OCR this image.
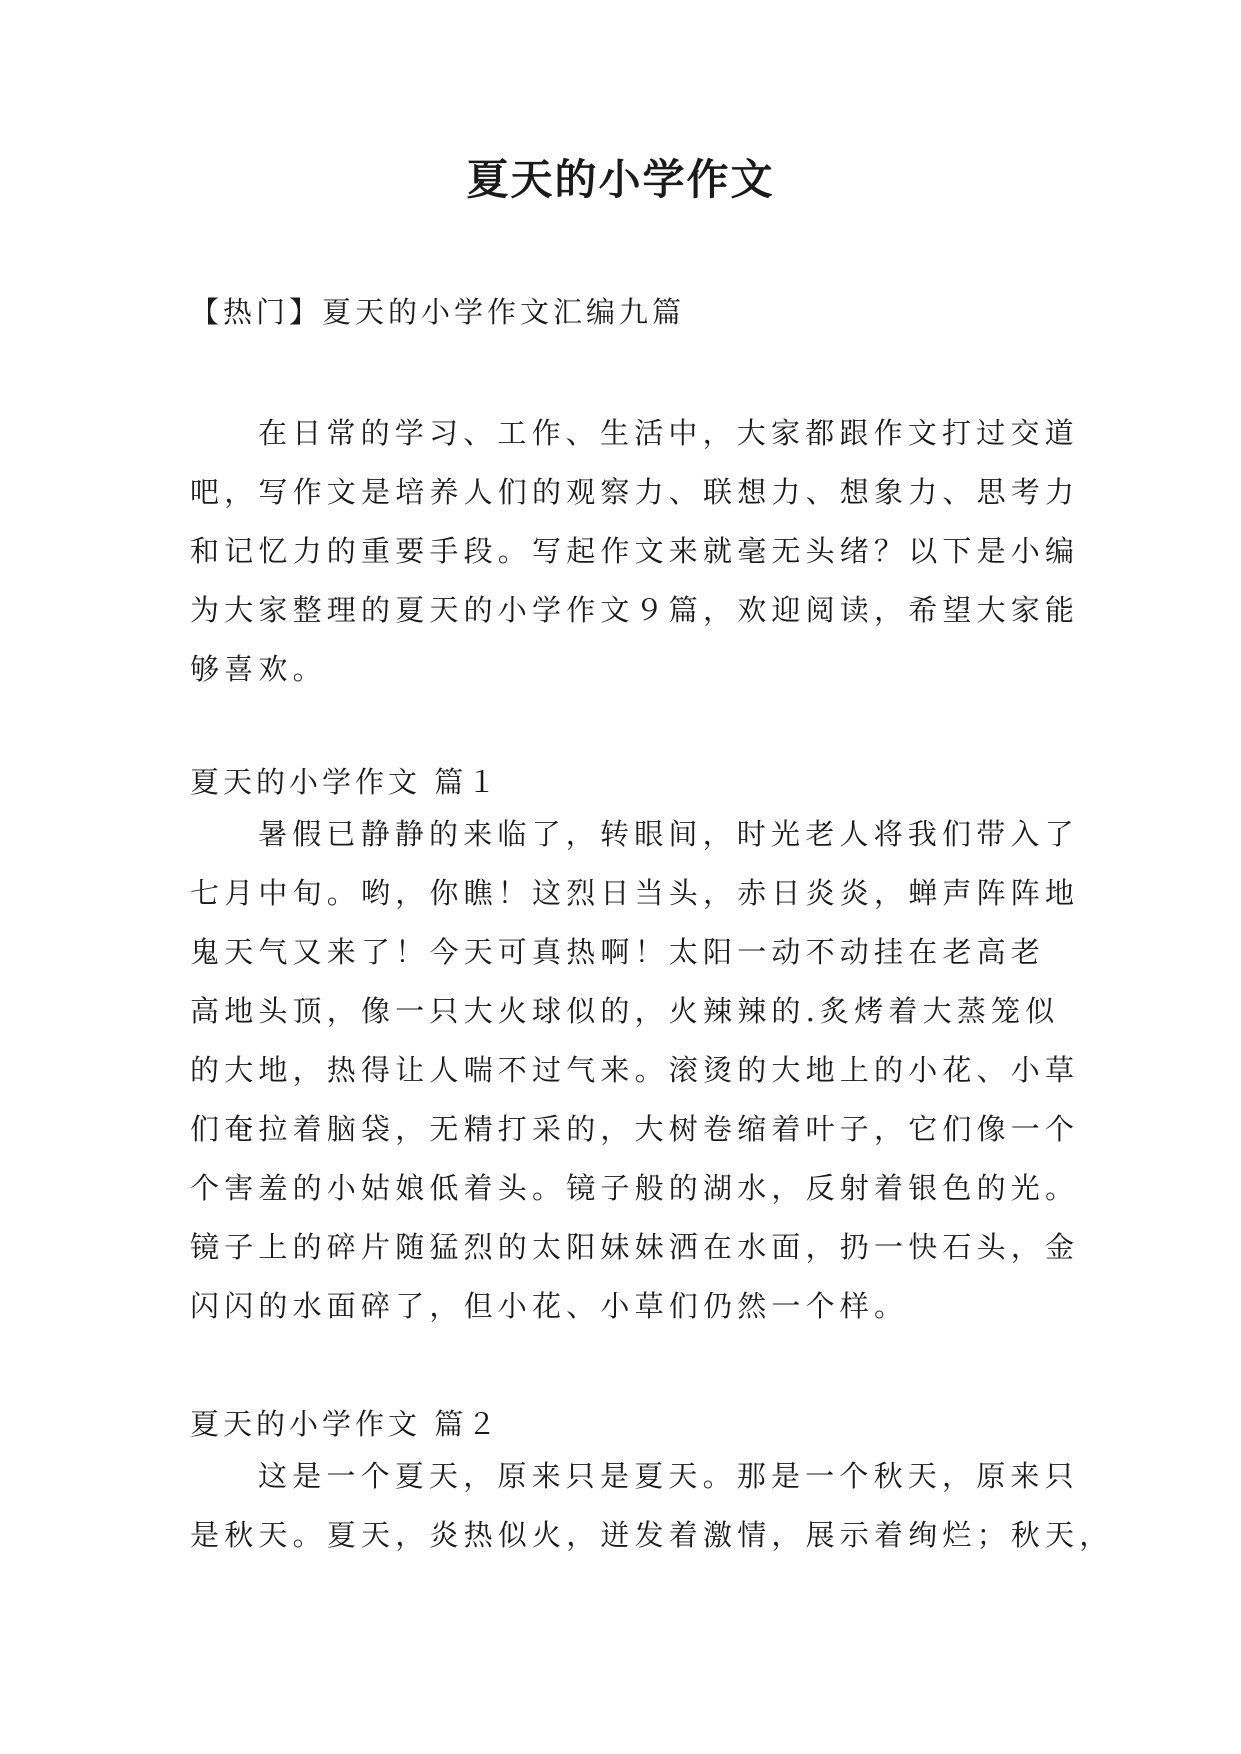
夏天的小学作文

【热门】夏天的小学作文汇编九篇

在日常的学习、工作、生活中，大家都跟作文打过交道
吧，写作文是培养人们的观察力、联想力、想象力、思考力
和记忆力的重要手段。写起作文来就毫无头绪？以下是小编
为大家整理的夏天的小学作文９篇，欢迎阅读，希望大家能
够喜欢。

夏天的小学作文 篇１

暑假已静静的来临了，转眼间，时光老人将我们带入了
七月中旬。哟，你瞧！这烈日当头，赤日炎炎，蝉声阵阵地
鬼天气又来了！今天可真热啊！太阳一动不动挂在老高老
高地头顶，像一只大火球似的，火辣辣的.炙烤着大蒸笼似
的大地，热得让人喘不过气来。滚烫的大地上的小花、小草
们奄拉着脑袋，无精打采的，大树卷缩着叶子，它们像一个
个害羞的小姑娘低着头。镜子般的湖水，反射着银色的光。
镜子上的碎片随猛烈的太阳妹妹洒在水面，扔一快石头，金
闪闪的水面碎了，但小花、小草们仍然一个样。

夏天的小学作文 篇２

这是一个夏天，原来只是夏天。那是一个秋天，原来只
是秋天。夏天，炎热似火，迸发着激情，展示着绚烂；秋天，
